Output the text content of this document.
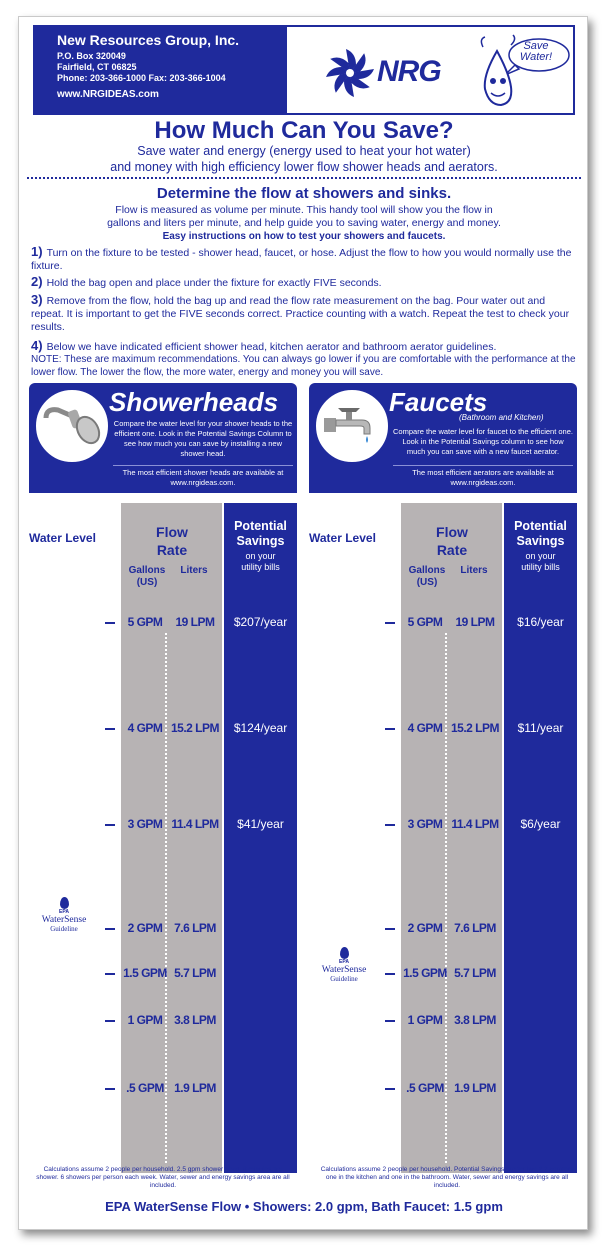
New Resources Group, Inc.
P.O. Box 320049
Fairfield, CT 06825
Phone: 203-366-1000 Fax: 203-366-1004
www.NRGIDEAS.com
NRG
Save Water!
How Much Can You Save?
Save water and energy (energy used to heat your hot water)
and money with high efficiency lower flow shower heads and aerators.
Determine the flow at showers and sinks.
Flow is measured as volume per minute. This handy tool will show you the flow in
gallons and liters per minute, and help guide you to saving water, energy and money.
Easy instructions on how to test your showers and faucets.
1) Turn on the fixture to be tested - shower head, faucet, or hose. Adjust the flow to how you would normally use the fixture.
2) Hold the bag open and place under the fixture for exactly FIVE seconds.
3) Remove from the flow, hold the bag up and read the flow rate measurement on the bag. Pour water out and repeat. It is important to get the FIVE seconds correct. Practice counting with a watch. Repeat the test to check your results.
4) Below we have indicated efficient shower head, kitchen aerator and bathroom aerator guidelines.
NOTE: These are maximum recommendations. You can always go lower if you are comfortable with the performance at the lower flow. The lower the flow, the more water, energy and money you will save.
Showerheads
Compare the water level for your shower heads to the efficient one. Look in the Potential Savings Column to see how much you can save by installing a new shower head.
The most efficient shower heads are available at www.nrgideas.com.
Water Level	Flow
Rate
Gallons
(US)
Liters
Potential
Savings
on your
utility bills
5 GPM	19 LPM	$207/year
4 GPM 15.2 LPM	$124/year
3 GPM 11.4 LPM	$41/year
2 GPM 7.6 LPM
1.5 GPM 5.7 LPM
1 GPM 3.8 LPM
.5 GPM 1.9 LPM
EPA
WaterSense
Guideline
Faucets
(Bathroom and Kitchen)
Compare the water level for faucet to the efficient one. Look in the Potential Savings column to see how much you can save with a new faucet aerator.
The most efficient aerators are available at www.nrgideas.com.
Water Level	Flow
Rate
Gallons
(US)
Liters
Potential
Savings
on your
utility bills
5 GPM	19 LPM	$16/year
4 GPM 15.2 LPM	$11/year
3 GPM 11.4 LPM	$6/year
2 GPM 7.6 LPM
1.5 GPM 5.7 LPM
1 GPM 3.8 LPM
.5 GPM 1.9 LPM
EPA
WaterSense
Guideline
Calculations assume 2 people per household. 2.5 gpm shower head. 8 minutes per shower. 6 showers per person each week. Water, sewer and energy savings area are all included.
Calculations assume 2 people per household. Potential Savings are for two 2.2 aerators one in the kitchen and one in the bathroom. Water, sewer and energy savings are all included.
EPA WaterSense Flow • Showers: 2.0 gpm, Bath Faucet: 1.5 gpm
